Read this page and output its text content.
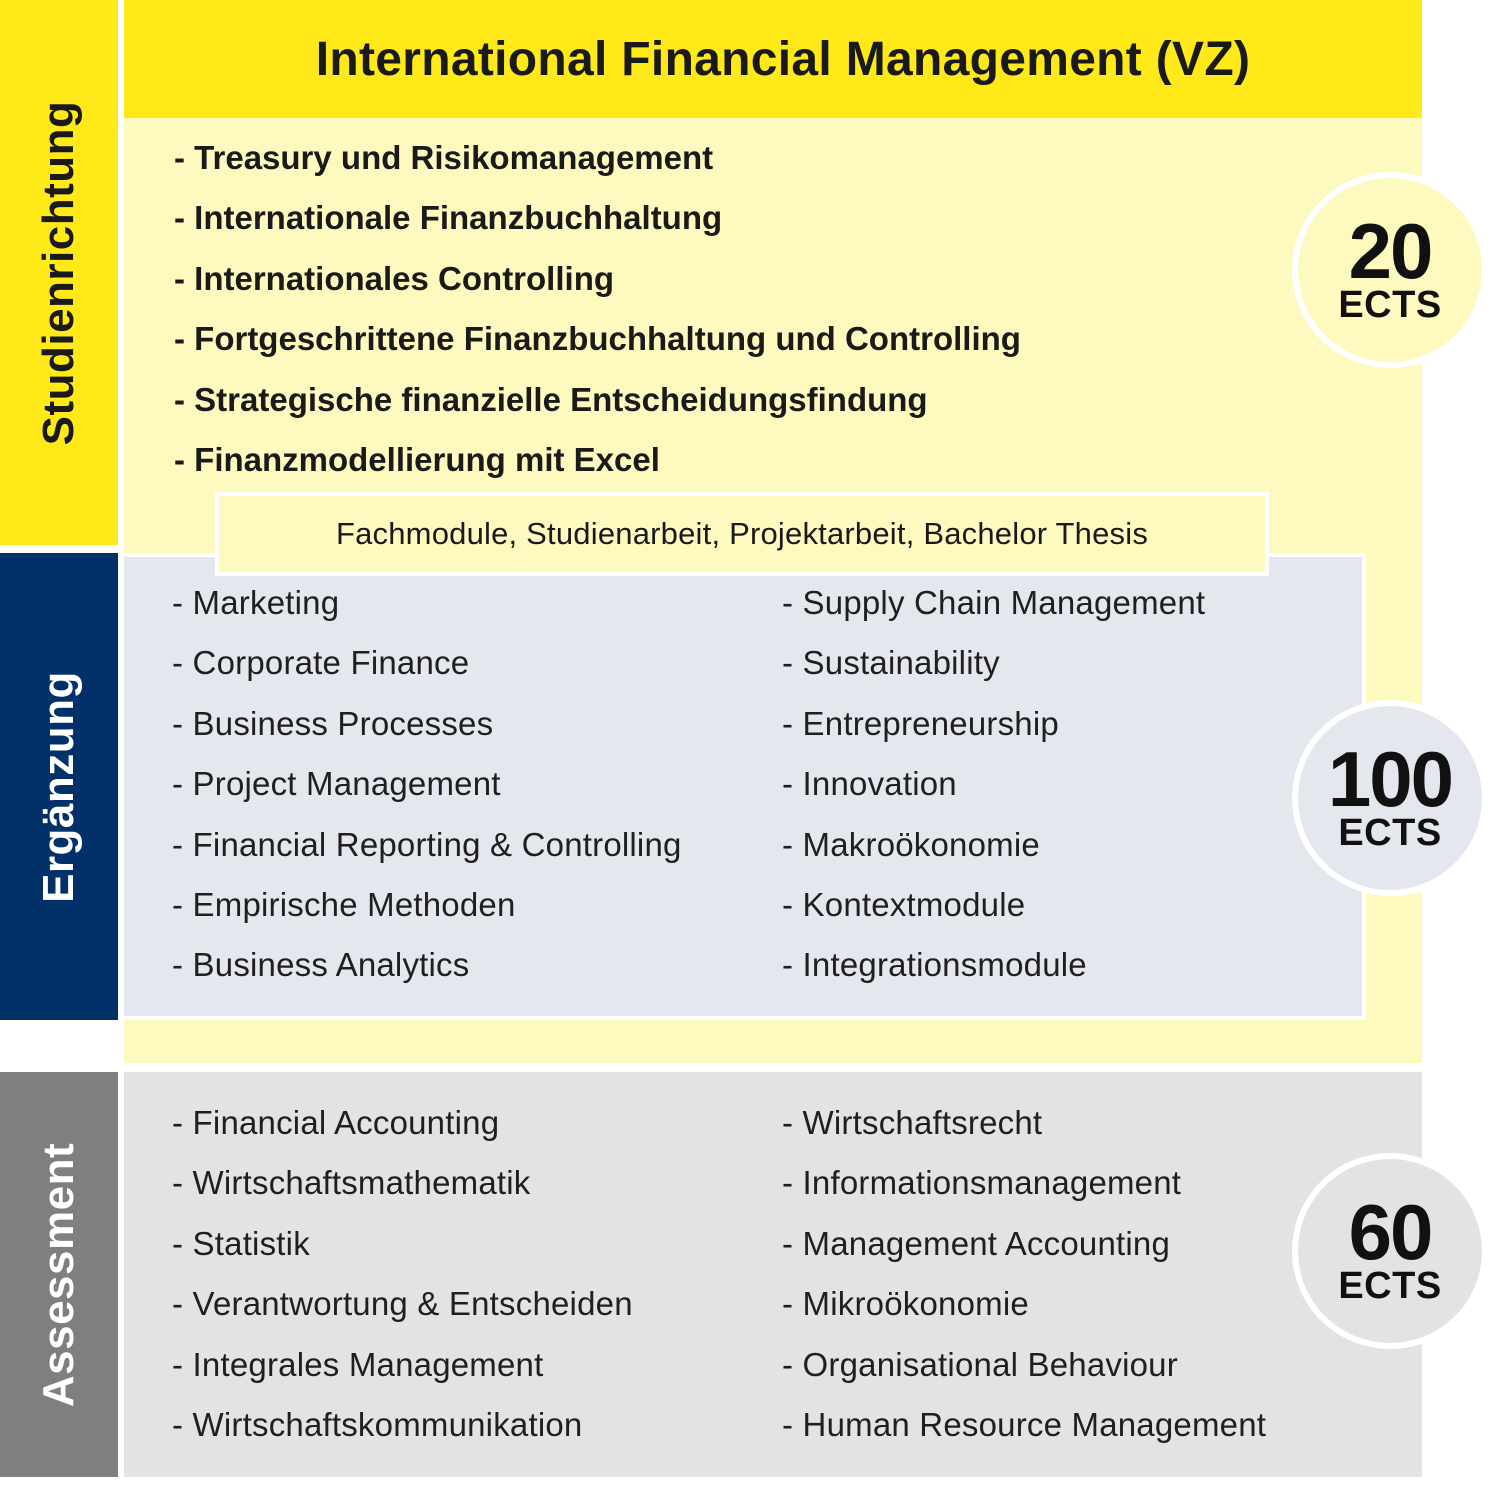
Studienrichtung
Ergänzung
Assessment
International Financial Management (VZ)
- Treasury und Risikomanagement
- Internationale Finanzbuchhaltung
- Internationales Controlling
- Fortgeschrittene Finanzbuchhaltung und Controlling
- Strategische finanzielle Entscheidungsfindung
- Finanzmodellierung mit Excel
Fachmodule, Studienarbeit, Projektarbeit, Bachelor Thesis
- Marketing
- Corporate Finance
- Business Processes
- Project Management
- Financial Reporting & Controlling
- Empirische Methoden
- Business Analytics
- Supply Chain Management
- Sustainability
- Entrepreneurship
- Innovation
- Makroökonomie
- Kontextmodule
- Integrationsmodule
- Financial Accounting
- Wirtschaftsmathematik
- Statistik
- Verantwortung & Entscheiden
- Integrales Management
- Wirtschaftskommunikation
- Wirtschaftsrecht
- Informationsmanagement
- Management Accounting
- Mikroökonomie
- Organisational Behaviour
- Human Resource Management
20
ECTS
100
ECTS
60
ECTS
